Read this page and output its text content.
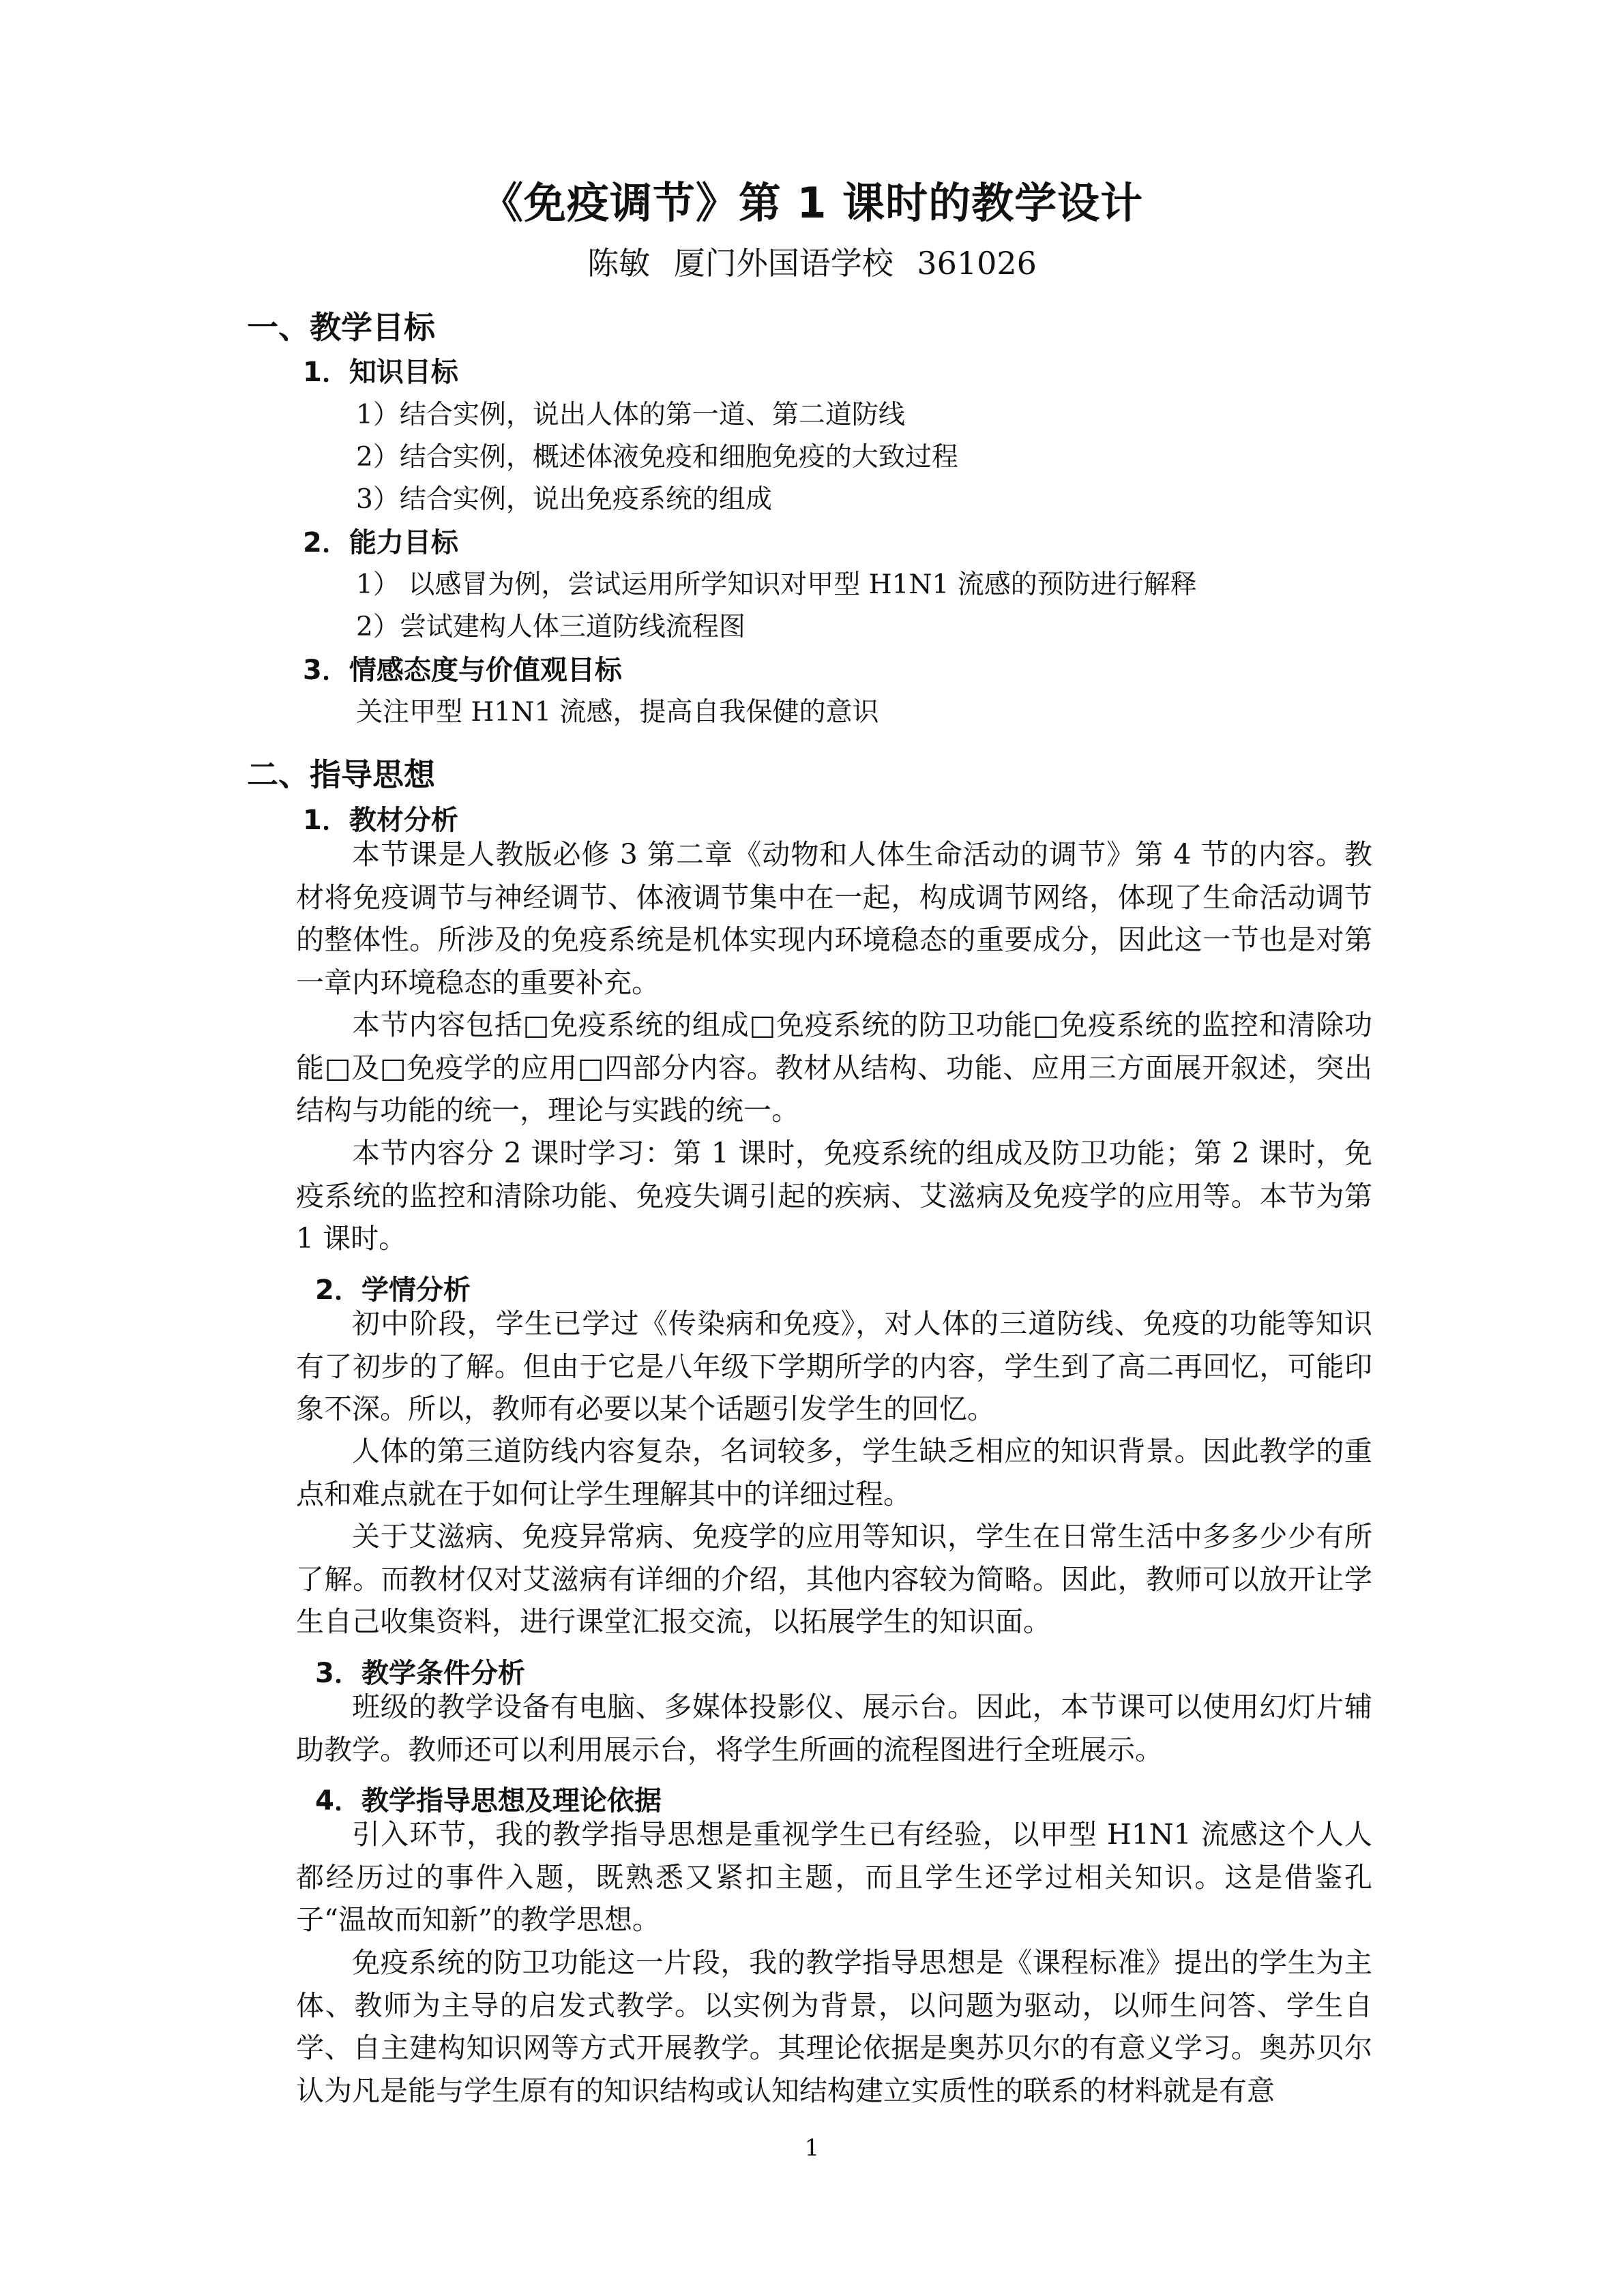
《免疫调节》第 1 课时的教学设计
陈敏 厦门外国语学校 361026
一、教学目标
1．知识目标
1）结合实例，说出人体的第一道、第二道防线
2）结合实例，概述体液免疫和细胞免疫的大致过程
3）结合实例，说出免疫系统的组成
2．能力目标
1） 以感冒为例，尝试运用所学知识对甲型 H1N1 流感的预防进行解释
2）尝试建构人体三道防线流程图
3．情感态度与价值观目标
关注甲型 H1N1 流感，提高自我保健的意识
二、指导思想
1．教材分析

本节课是人教版必修 3 第二章《动物和人体生命活动的调节》第 4 节的内容。教材将免疫调节与神经调节、体液调节集中在一起，构成调节网络，体现了生命活动调节的整体性。所涉及的免疫系统是机体实现内环境稳态的重要成分，因此这一节也是对第一章内环境稳态的重要补充。

本节内容包括□免疫系统的组成□免疫系统的防卫功能□免疫系统的监控和清除功能□及□免疫学的应用□四部分内容。教材从结构、功能、应用三方面展开叙述，突出结构与功能的统一，理论与实践的统一。

本节内容分 2 课时学习：第 1 课时，免疫系统的组成及防卫功能；第 2 课时，免疫系统的监控和清除功能、免疫失调引起的疾病、艾滋病及免疫学的应用等。本节为第 1 课时。

2．学情分析

初中阶段，学生已学过《传染病和免疫》，对人体的三道防线、免疫的功能等知识有了初步的了解。但由于它是八年级下学期所学的内容，学生到了高二再回忆，可能印象不深。所以，教师有必要以某个话题引发学生的回忆。

人体的第三道防线内容复杂，名词较多，学生缺乏相应的知识背景。因此教学的重点和难点就在于如何让学生理解其中的详细过程。

关于艾滋病、免疫异常病、免疫学的应用等知识，学生在日常生活中多多少少有所了解。而教材仅对艾滋病有详细的介绍，其他内容较为简略。因此，教师可以放开让学生自己收集资料，进行课堂汇报交流，以拓展学生的知识面。

3．教学条件分析

班级的教学设备有电脑、多媒体投影仪、展示台。因此，本节课可以使用幻灯片辅助教学。教师还可以利用展示台，将学生所画的流程图进行全班展示。

4．教学指导思想及理论依据

引入环节，我的教学指导思想是重视学生已有经验，以甲型 H1N1 流感这个人人都经历过的事件入题，既熟悉又紧扣主题，而且学生还学过相关知识。这是借鉴孔子“温故而知新”的教学思想。

免疫系统的防卫功能这一片段，我的教学指导思想是《课程标准》提出的学生为主体、教师为主导的启发式教学。以实例为背景，以问题为驱动，以师生问答、学生自学、自主建构知识网等方式开展教学。其理论依据是奥苏贝尔的有意义学习。奥苏贝尔认为凡是能与学生原有的知识结构或认知结构建立实质性的联系的材料就是有意

1
